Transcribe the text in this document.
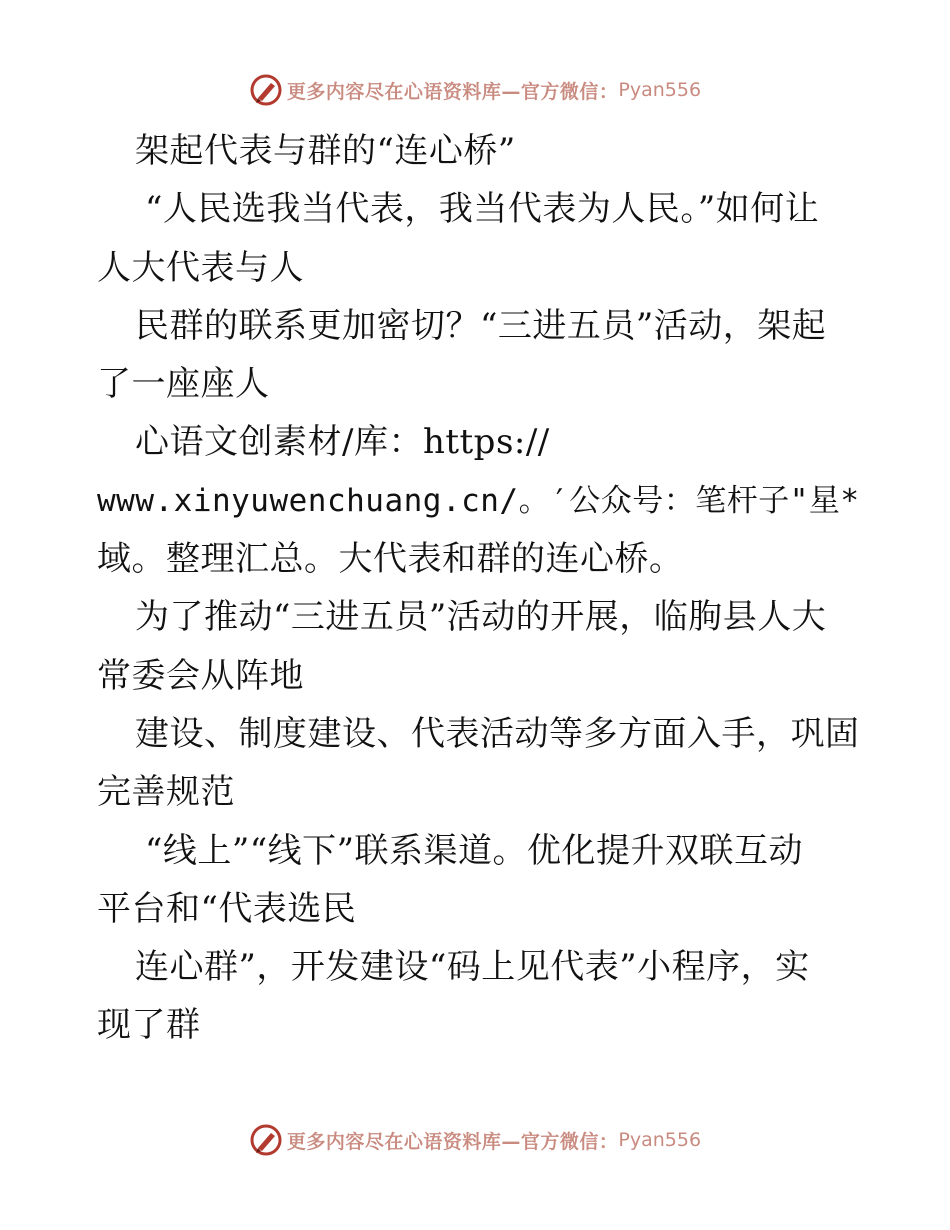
更多内容尽在心语资料库—官方微信： Pyan556
架起代表与群的“连心桥”
“人民选我当代表，我当代表为人民。”如何让
人大代表与人
民群的联系更加密切？“三进五员”活动，架起
了一座座人
心语文创素材/库：https://
www.xinyuwenchuang.cn/。′公众号：笔杆子"星*
域。整理汇总。大代表和群的连心桥。
为了推动“三进五员”活动的开展，临朐县人大
常委会从阵地
建设、制度建设、代表活动等多方面入手，巩固
完善规范
“线上”“线下”联系渠道。优化提升双联互动
平台和“代表选民
连心群”，开发建设“码上见代表”小程序，实
现了群
更多内容尽在心语资料库—官方微信： Pyan556
